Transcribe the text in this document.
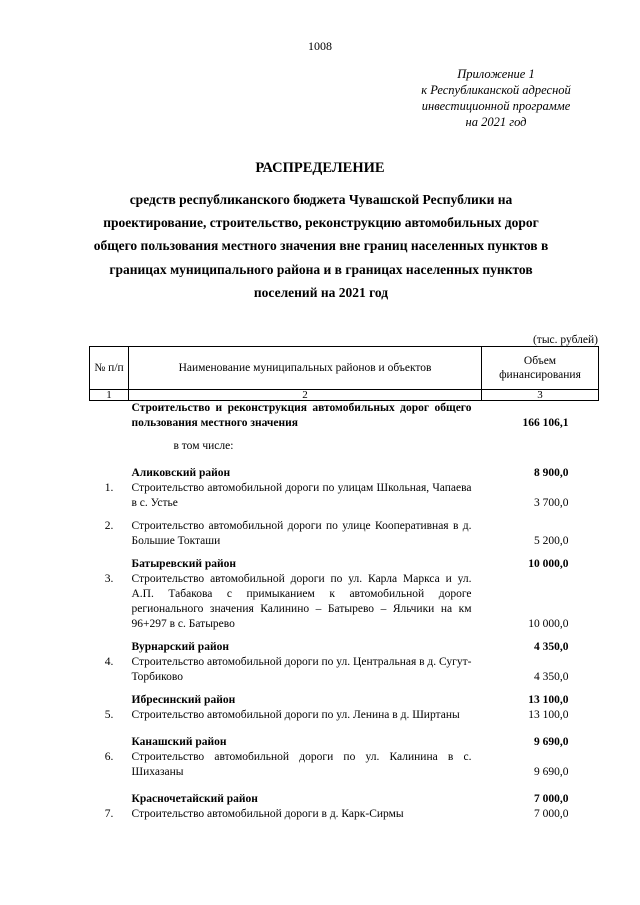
1008
Приложение 1
к Республиканской адресной
инвестиционной программе
на 2021 год
РАСПРЕДЕЛЕНИЕ
средств республиканского бюджета Чувашской Республики на проектирование, строительство, реконструкцию автомобильных дорог общего пользования местного значения вне границ населенных пунктов в границах муниципального района и в границах населенных пунктов поселений на 2021 год
(тыс. рублей)
№ п/п	Наименование муниципальных районов и объектов	Объем финансирования
1	2	3
	Строительство и реконструкция автомобильных дорог общего пользования местного значения	166 106,1

	в том числе:	

	Аликовский район	8 900,0
1.	Строительство автомобильной дороги по улицам Школьная, Чапаева в с. Устье	3 700,0

2.	Строительство автомобильной дороги по улице Кооперативная в д. Большие Токташи	5 200,0

	Батыревский район	10 000,0
3.	Строительство автомобильной дороги по ул. Карла Маркса и ул. А.П. Табакова с примыканием к автомобильной дороге регионального значения Калинино – Батырево – Яльчики на км 96+297 в с. Батырево	10 000,0

	Вурнарский район	4 350,0
4.	Строительство автомобильной дороги по ул. Центральная в д. Сугут-Торбиково	4 350,0

	Ибресинский район	13 100,0
5.	Строительство автомобильной дороги по ул. Ленина в д. Ширтаны	13 100,0

	Канашский район	9 690,0
6.	Строительство автомобильной дороги по ул. Калинина в с. Шихазаны	9 690,0

	Красночетайский район	7 000,0
7.	Строительство автомобильной дороги в д. Карк-Сирмы	7 000,0
